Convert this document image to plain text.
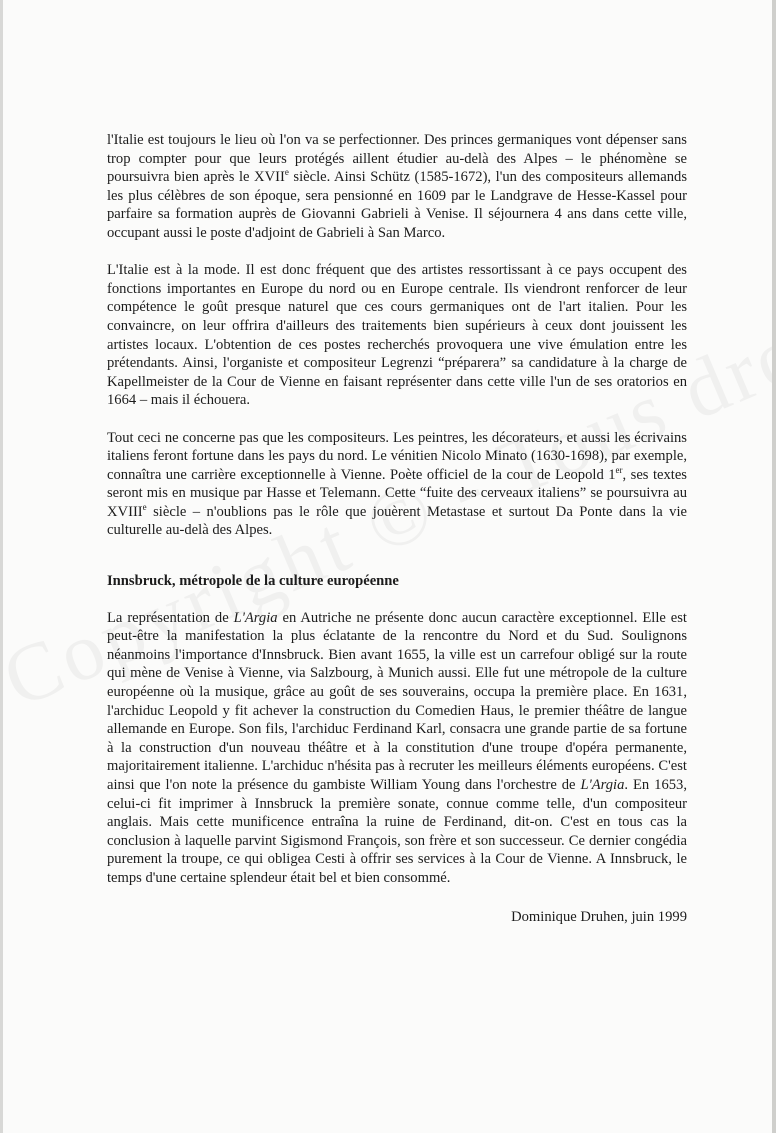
l'Italie est toujours le lieu où l'on va se perfectionner. Des princes germaniques vont dépenser sans trop compter pour que leurs protégés aillent étudier au-delà des Alpes – le phénomène se poursuivra bien après le XVIIe siècle. Ainsi Schütz (1585-1672), l'un des compositeurs allemands les plus célèbres de son époque, sera pensionné en 1609 par le Landgrave de Hesse-Kassel pour parfaire sa formation auprès de Giovanni Gabrieli à Venise. Il séjournera 4 ans dans cette ville, occupant aussi le poste d'adjoint de Gabrieli à San Marco.

L'Italie est à la mode. Il est donc fréquent que des artistes ressortissant à ce pays occupent des fonctions importantes en Europe du nord ou en Europe centrale. Ils viendront renforcer de leur compétence le goût presque naturel que ces cours germaniques ont de l'art italien. Pour les convaincre, on leur offrira d'ailleurs des traitements bien supérieurs à ceux dont jouissent les artistes locaux. L'obtention de ces postes recherchés provoquera une vive émulation entre les prétendants. Ainsi, l'organiste et compositeur Legrenzi “préparera” sa candidature à la charge de Kapellmeister de la Cour de Vienne en faisant représenter dans cette ville l'un de ses oratorios en 1664 – mais il échouera.

Tout ceci ne concerne pas que les compositeurs. Les peintres, les décorateurs, et aussi les écrivains italiens feront fortune dans les pays du nord. Le vénitien Nicolo Minato (1630-1698), par exemple, connaîtra une carrière exceptionnelle à Vienne. Poète officiel de la cour de Leopold 1er, ses textes seront mis en musique par Hasse et Telemann. Cette “fuite des cerveaux italiens” se poursuivra au XVIIIe siècle – n'oublions pas le rôle que jouèrent Metastase et surtout Da Ponte dans la vie culturelle au-delà des Alpes.

Innsbruck, métropole de la culture européenne

La représentation de L'Argia en Autriche ne présente donc aucun caractère exceptionnel. Elle est peut-être la manifestation la plus éclatante de la rencontre du Nord et du Sud. Soulignons néanmoins l'importance d'Innsbruck. Bien avant 1655, la ville est un carrefour obligé sur la route qui mène de Venise à Vienne, via Salzbourg, à Munich aussi. Elle fut une métropole de la culture européenne où la musique, grâce au goût de ses souverains, occupa la première place. En 1631, l'archiduc Leopold y fit achever la construction du Comedien Haus, le premier théâtre de langue allemande en Europe. Son fils, l'archiduc Ferdinand Karl, consacra une grande partie de sa fortune à la construction d'un nouveau théâtre et à la constitution d'une troupe d'opéra permanente, majoritairement italienne. L'archiduc n'hésita pas à recruter les meilleurs éléments européens. C'est ainsi que l'on note la présence du gambiste William Young dans l'orchestre de L'Argia. En 1653, celui-ci fit imprimer à Innsbruck la première sonate, connue comme telle, d'un compositeur anglais. Mais cette munificence entraîna la ruine de Ferdinand, dit-on. C'est en tous cas la conclusion à laquelle parvint Sigismond François, son frère et son successeur. Ce dernier congédia purement la troupe, ce qui obligea Cesti à offrir ses services à la Cour de Vienne. A Innsbruck, le temps d'une certaine splendeur était bel et bien consommé.

Dominique Druhen, juin 1999
